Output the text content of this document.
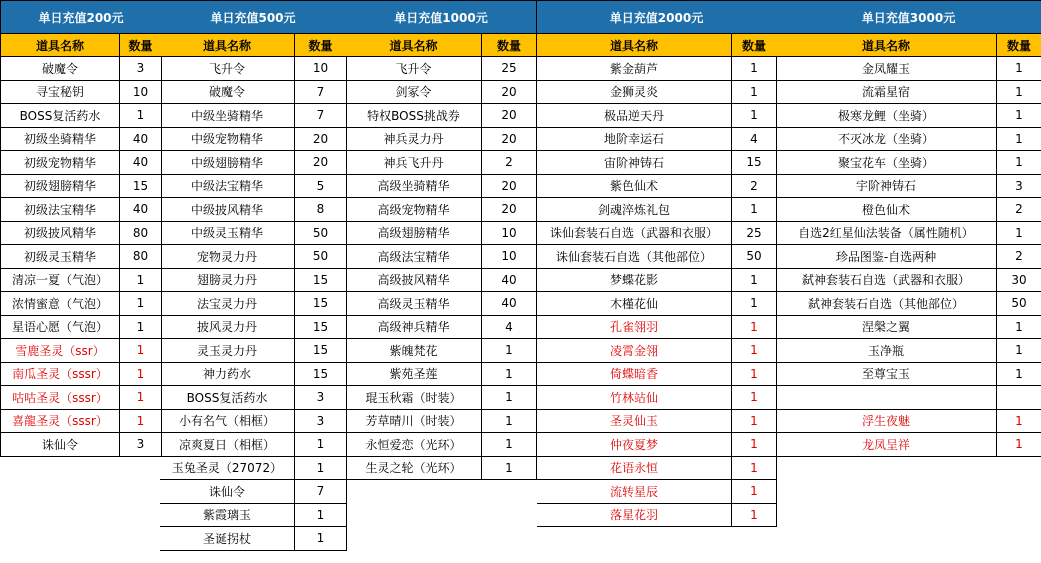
单日充值200元
道具名称	数量
破魔令	3
寻宝秘钥	10
BOSS复活药水	1
初级坐骑精华	40
初级宠物精华	40
初级翅膀精华	15
初级法宝精华	40
初级披风精华	80
初级灵玉精华	80
清凉一夏（气泡）	1
浓情蜜意（气泡）	1
星语心愿（气泡）	1
雪鹿圣灵（ssr）	1
南瓜圣灵（sssr）	1
咕咕圣灵（sssr）	1
喜龍圣灵（sssr）	1
诛仙令	3
单日充值500元
道具名称	数量
飞升令	10
破魔令	7
中级坐骑精华	7
中级宠物精华	20
中级翅膀精华	20
中级法宝精华	5
中级披风精华	8
中级灵玉精华	50
宠物灵力丹	50
翅膀灵力丹	15
法宝灵力丹	15
披风灵力丹	15
灵玉灵力丹	15
神力药水	15
BOSS复活药水	3
小有名气（相框）	3
凉爽夏日（相框）	1
玉兔圣灵（27072）	1
诛仙令	7
紫霞璃玉	1
圣诞拐杖	1
单日充值1000元
道具名称	数量
飞升令	25
剑冢令	20
特权BOSS挑战券	20
神兵灵力丹	20
神兵飞升丹	2
高级坐骑精华	20
高级宠物精华	20
高级翅膀精华	10
高级法宝精华	10
高级披风精华	40
高级灵玉精华	40
高级神兵精华	4
紫魄梵花	1
紫苑圣莲	1
琨玉秋霜（时装）	1
芳草晴川（时装）	1
永恒爱恋（光环）	1
生灵之轮（光环）	1
单日充值2000元
道具名称	数量
紫金葫芦	1
金狮灵炎	1
极品逆天丹	1
地阶幸运石	4
宙阶神铸石	15
紫色仙术	2
剑魂淬炼礼包	1
诛仙套装石自选（武器和衣服）	25
诛仙套装石自选（其他部位）	50
梦蝶花影	1
木槿花仙	1
孔雀翎羽	1
凌霄金翎	1
倚蝶暗香	1
竹林站仙	1
圣灵仙玉	1
仲夜夏梦	1
花语永恒	1
流转星辰	1
落星花羽	1
单日充值3000元
道具名称	数量
金凤耀玉	1
流霜星宿	1
极寒龙鲤（坐骑）	1
不灭冰龙（坐骑）	1
聚宝花车（坐骑）	1
宇阶神铸石	3
橙色仙术	2
自选2红星仙法装备（属性随机）	1
珍品图鉴-自选两种	2
弑神套装石自选（武器和衣服）	30
弑神套装石自选（其他部位）	50
涅槃之翼	1
玉净瓶	1
至尊宝玉	1
浮生夜魅	1
龙凤呈祥	1
